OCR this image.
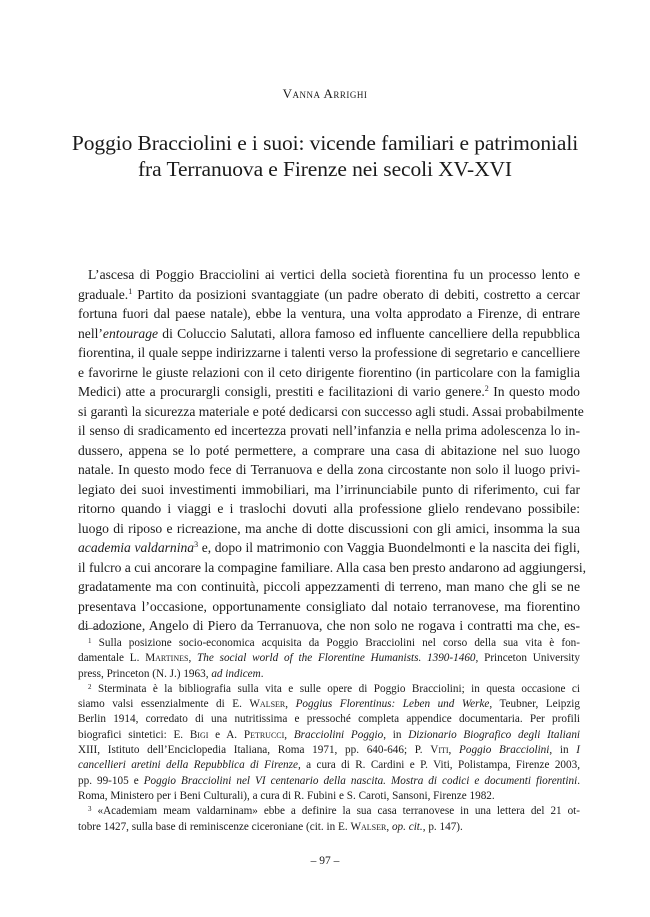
Vanna Arrighi
Poggio Bracciolini e i suoi: vicende familiari e patrimoniali
fra Terranuova e Firenze nei secoli XV-XVI
L’ascesa di Poggio Bracciolini ai vertici della società fiorentina fu un processo lento e
graduale.$^1$ Partito da posizioni svantaggiate (un padre oberato di debiti, costretto a cercar
fortuna fuori dal paese natale), ebbe la ventura, una volta approdato a Firenze, di entrare
nell’entourage di Coluccio Salutati, allora famoso ed influente cancelliere della repubblica
fiorentina, il quale seppe indirizzarne i talenti verso la professione di segretario e cancelliere
e favorirne le giuste relazioni con il ceto dirigente fiorentino (in particolare con la famiglia
Medici) atte a procurargli consigli, prestiti e facilitazioni di vario genere.$^2$ In questo modo
si garantì la sicurezza materiale e poté dedicarsi con successo agli studi. Assai probabilmente
il senso di sradicamento ed incertezza provati nell’infanzia e nella prima adolescenza lo in-
dussero, appena se lo poté permettere, a comprare una casa di abitazione nel suo luogo
natale. In questo modo fece di Terranuova e della zona circostante non solo il luogo privi-
legiato dei suoi investimenti immobiliari, ma l’irrinunciabile punto di riferimento, cui far
ritorno quando i viaggi e i traslochi dovuti alla professione glielo rendevano possibile:
luogo di riposo e ricreazione, ma anche di dotte discussioni con gli amici, insomma la sua
academia valdarnina$^3$ e, dopo il matrimonio con Vaggia Buondelmonti e la nascita dei figli,
il fulcro a cui ancorare la compagine familiare. Alla casa ben presto andarono ad aggiungersi,
gradatamente ma con continuità, piccoli appezzamenti di terreno, man mano che gli se ne
presentava l’occasione, opportunamente consigliato dal notaio terranovese, ma fiorentino
di adozione, Angelo di Piero da Terranuova, che non solo ne rogava i contratti ma che, es-
$^1$ Sulla posizione socio-economica acquisita da Poggio Bracciolini nel corso della sua vita è fon-
damentale L. Martines, The social world of the Florentine Humanists. 1390-1460, Princeton University
press, Princeton (N. J.) 1963, ad indicem.
$^2$ Sterminata è la bibliografia sulla vita e sulle opere di Poggio Bracciolini; in questa occasione ci
siamo valsi essenzialmente di E. Walser, Poggius Florentinus: Leben und Werke, Teubner, Leipzig
Berlin 1914, corredato di una nutritissima e pressoché completa appendice documentaria. Per profili
biografici sintetici: E. Bigi e A. Petrucci, Bracciolini Poggio, in Dizionario Biografico degli Italiani
XIII, Istituto dell’Enciclopedia Italiana, Roma 1971, pp. 640-646; P. Viti, Poggio Bracciolini, in I
cancellieri aretini della Repubblica di Firenze, a cura di R. Cardini e P. Viti, Polistampa, Firenze 2003,
pp. 99-105 e Poggio Bracciolini nel VI centenario della nascita. Mostra di codici e documenti fiorentini.
Roma, Ministero per i Beni Culturali), a cura di R. Fubini e S. Caroti, Sansoni, Firenze 1982.
$^3$ «Academiam meam valdarninam» ebbe a definire la sua casa terranovese in una lettera del 21 ot-
tobre 1427, sulla base di reminiscenze ciceroniane (cit. in E. Walser, op. cit., p. 147).
– 97 –
